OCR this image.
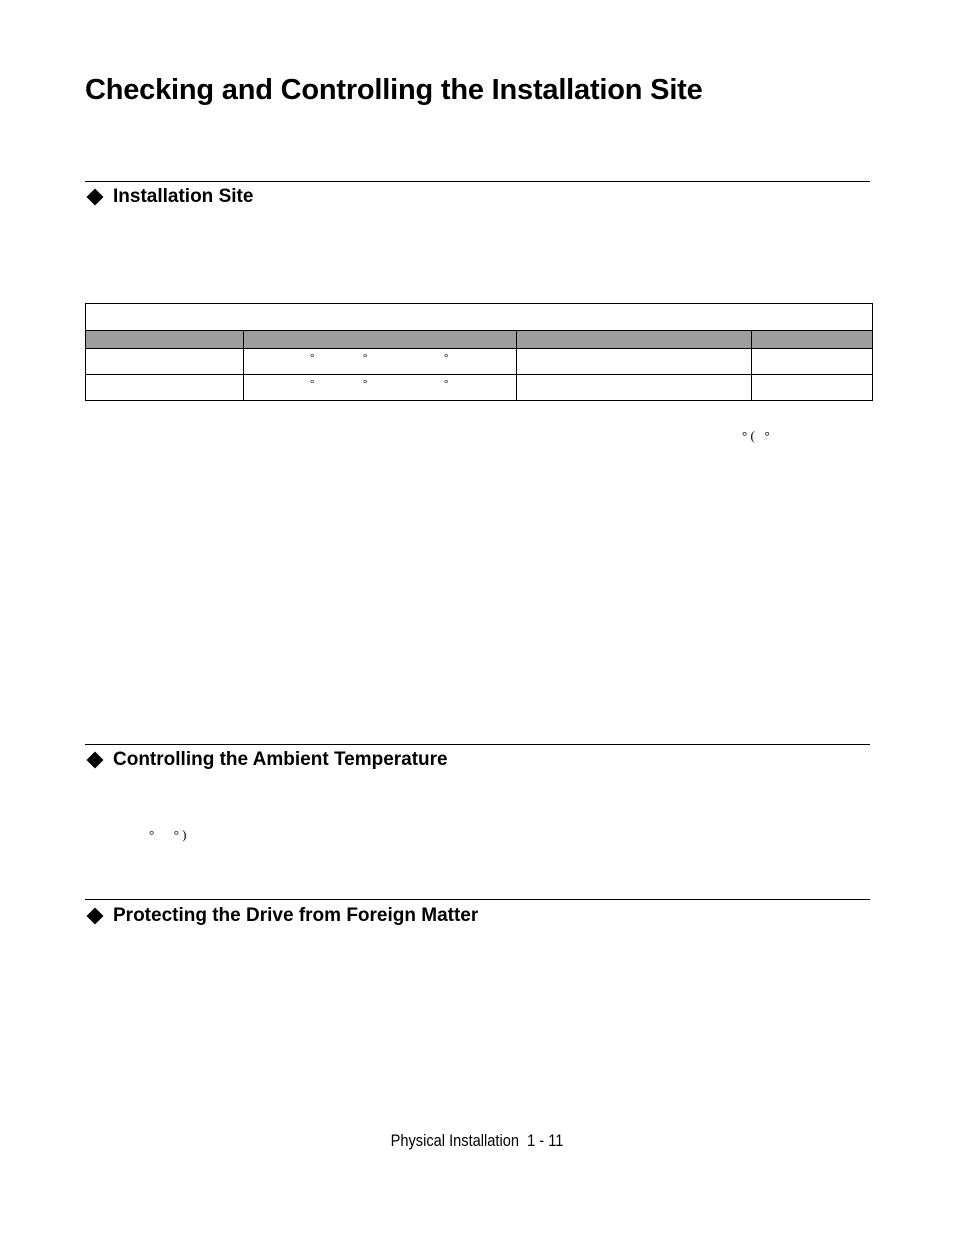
Checking and Controlling the Installation Site
Installation Site

	° ° °		

	° ° °		

° (   °
Controlling the Ambient Temperature
°      ° )
Protecting the Drive from Foreign Matter
Physical Installation  1 - 11
